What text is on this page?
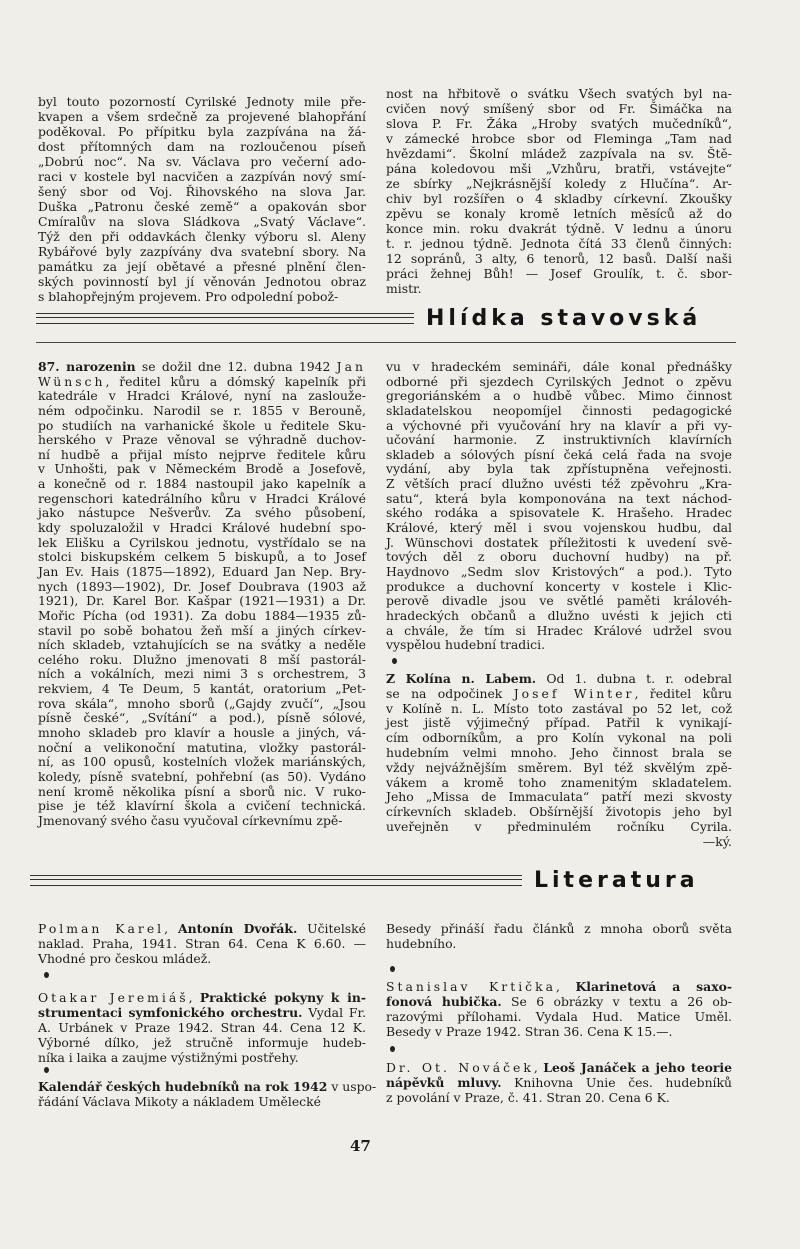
byl touto pozorností Cyrilské Jednoty mile pře-
kvapen a všem srdečně za projevené blahopřání
poděkoval. Po přípitku byla zazpívána na žá-
dost přítomných dam na rozloučenou píseň
„Dobrú noc“. Na sv. Václava pro večerní ado-
raci v kostele byl nacvičen a zazpíván nový smí-
šený sbor od Voj. Řihovského na slova Jar.
Duška „Patronu české země“ a opakován sbor
Cmíralův na slova Sládkova „Svatý Václave“.
Týž den při oddavkách členky výboru sl. Aleny
Rybářové byly zazpívány dva svatební sbory. Na
památku za její obětavé a přesné plnění člen-
ských povinností byl jí věnován Jednotou obraz
s blahopřejným projevem. Pro odpolední pobož-
nost na hřbitově o svátku Všech svatých byl na-
cvičen nový smíšený sbor od Fr. Šimáčka na
slova P. Fr. Žáka „Hroby svatých mučedníků“,
v zámecké hrobce sbor od Fleminga „Tam nad
hvězdami“. Školní mládež zazpívala na sv. Ště-
pána koledovou mši „Vzhůru, bratři, vstávejte“
ze sbírky „Nejkrásnější koledy z Hlučína“. Ar-
chiv byl rozšířen o 4 skladby církevní. Zkoušky
zpěvu se konaly kromě letních měsíců až do
konce min. roku dvakrát týdně. V lednu a únoru
t. r. jednou týdně. Jednota čítá 33 členů činných:
12 sopránů, 3 alty, 6 tenorů, 12 basů. Další naši
práci žehnej Bůh! — Josef Groulík, t. č. sbor-
mistr.
Hlídka stavovská
87. narozenin se dožil dne 12. dubna 1942 Jan
Wünsch, ředitel kůru a dómský kapelník při
katedrále v Hradci Králové, nyní na zasloužе-
ném odpočinku. Narodil se r. 1855 v Berouně,
po studiích na varhanické škole u ředitele Sku-
herského v Praze věnoval se výhradně duchov-
ní hudbě a přijal místo nejprve ředitele kůru
v Unhošti, pak v Německém Brodě a Josefově,
a konečně od r. 1884 nastoupil jako kapelník a
regenschori katedrálního kůru v Hradci Králové
jako nástupce Nešverův. Za svého působení,
kdy spoluzaložil v Hradci Králové hudební spo-
lek Elišku a Cyrilskou jednotu, vystřídalo se na
stolci biskupském celkem 5 biskupů, a to Josef
Jan Ev. Hais (1875—1892), Eduard Jan Nep. Bry-
nych (1893—1902), Dr. Josef Doubrava (1903 až
1921), Dr. Karel Bor. Kašpar (1921—1931) a Dr.
Mořic Pícha (od 1931). Za dobu 1884—1935 zů-
stavil po sobě bohatou žeň mší a jiných církev-
ních skladeb, vztahujících se na svátky a neděle
celého roku. Dlužno jmenovati 8 mší pastorál-
ních a vokálních, mezi nimi 3 s orchestrem, 3
rekviem, 4 Te Deum, 5 kantát, oratorium „Pet-
rova skála“, mnoho sborů („Gajdy zvučí“, „Jsou
písně české“, „Svítání“ a pod.), písně sólové,
mnoho skladeb pro klavír a housle a jiných, vá-
noční a velikonoční matutina, vložky pastorál-
ní, as 100 opusů, kostelních vložek mariánských,
koledy, písně svatební, pohřební (as 50). Vydáno
není kromě několika písní a sborů nic. V ruko-
pise je též klavírní škola a cvičení technická.
Jmenovaný svého času vyučoval církevnímu zpě-
vu v hradeckém semináři, dále konal přednášky
odborné při sjezdech Cyrilských Jednot o zpěvu
gregoriánském a o hudbě vůbec. Mimo činnost
skladatelskou neopomíjel činnosti pedagogické
a výchovné při vyučování hry na klavír a při vy-
učování harmonie. Z instruktivních klavírních
skladeb a sólových písní čeká celá řada na svoje
vydání, aby byla tak zpřístupněna veřejnosti.
Z větších prací dlužno uvésti též zpěvohru „Kra-
satu“, která byla komponována na text náchod-
ského rodáka a spisovatele K. Hrašeho. Hradec
Králové, který měl i svou vojenskou hudbu, dal
J. Wünschovi dostatek příležitosti k uvedení svě-
tových děl z oboru duchovní hudby) na př.
Haydnovo „Sedm slov Kristových“ a pod.). Tyto
produkce a duchovní koncerty v kostele i Klic-
perově divadle jsou ve světlé paměti královéh-
hradeckých občanů a dlužno uvésti k jejich cti
a chvále, že tím si Hradec Králové udržel svou
vyspělou hudební tradici.
Z Kolína n. Labem. Od 1. dubna t. r. odebral
se na odpočinek Josef Winter, ředitel kůru
v Kolíně n. L. Místo toto zastával po 52 let, což
jest jistě výjimečný případ. Patřil k vynikají-
cím odborníkům, a pro Kolín vykonal na poli
hudebním velmi mnoho. Jeho činnost brala se
vždy nejvážnějším směrem. Byl též skvělým zpě-
vákem a kromě toho znamenitým skladatelem.
Jeho „Missa de Immaculata“ patří mezi skvosty
církevních skladeb. Obšírnější životopis jeho byl
uveřejněn v předminulém ročníku Cyrila.
—ký.
Literatura
Polman Karel, Antonín Dvořák. Učitelské
naklad. Praha, 1941. Stran 64. Cena K 6.60. —
Vhodné pro českou mládež.
Otakar Jeremiáš, Praktické pokyny k in-
strumentaci symfonického orchestru. Vydal Fr.
A. Urbánek v Praze 1942. Stran 44. Cena 12 K.
Výborné dílko, jež stručně informuje hudeb-
níka i laika a zaujme výstižnými postřehy.
Kalendář českých hudebníků na rok 1942 v uspo-
řádání Václava Mikoty a nákladem Umělecké
Besedy přináší řadu článků z mnoha oborů světa
hudebního.
Stanislav Krtička, Klarinetová a saxo-
fonová hubička. Se 6 obrázky v textu a 26 ob-
razovými přílohami. Vydala Hud. Matice Uměl.
Besedy v Praze 1942. Stran 36. Cena K 15.—.
Dr. Ot. Nováček, Leoš Janáček a jeho teorie
nápěvků mluvy. Knihovna Unie čes. hudebníků
z povolání v Praze, č. 41. Stran 20. Cena 6 K.
47
